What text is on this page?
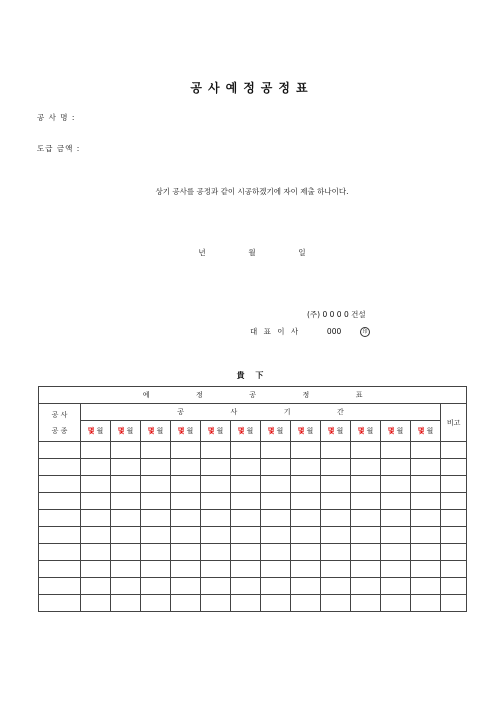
공사예정공정표
공 사 명 :
도급 금액 :
상기 공사를 공정과 같이 시공하겠기에 자이 제출 하나이다.
년	월	일
(주) 0 0 0 0 건설
대 표 이 사	000	印
貴 下
예 정 공 정 표													

공 사
공 종	공 사 기 간												비고
	몇 월	몇 월	몇 월	몇 월	몇 월	몇 월	몇 월	몇 월	몇 월	몇 월	몇 월	몇 월	
